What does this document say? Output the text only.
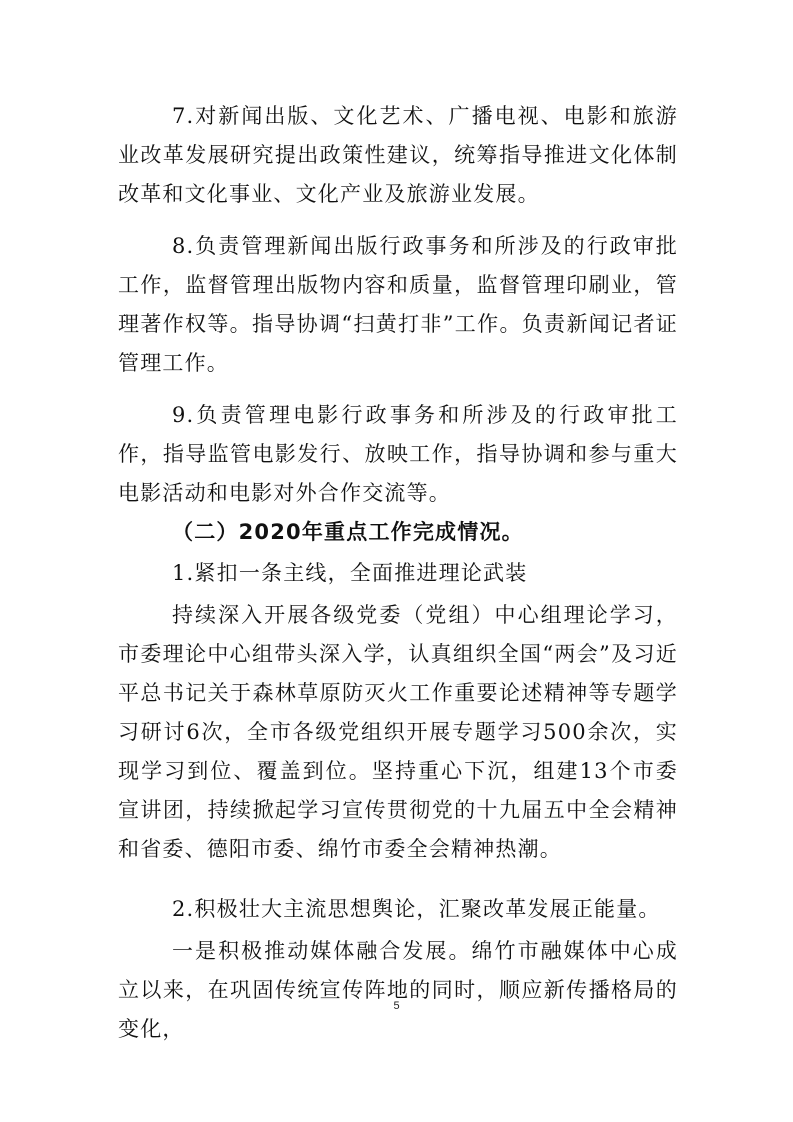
7.对新闻出版、文化艺术、广播电视、电影和旅游业改革发展研究提出政策性建议，统筹指导推进文化体制改革和文化事业、文化产业及旅游业发展。

8.负责管理新闻出版行政事务和所涉及的行政审批工作，监督管理出版物内容和质量，监督管理印刷业，管理著作权等。指导协调“扫黄打非”工作。负责新闻记者证管理工作。

9.负责管理电影行政事务和所涉及的行政审批工作，指导监管电影发行、放映工作，指导协调和参与重大电影活动和电影对外合作交流等。

（二）2020年重点工作完成情况。

1.紧扣一条主线，全面推进理论武装

持续深入开展各级党委（党组）中心组理论学习，市委理论中心组带头深入学，认真组织全国“两会”及习近平总书记关于森林草原防灭火工作重要论述精神等专题学习研讨6次，全市各级党组织开展专题学习500余次，实现学习到位、覆盖到位。坚持重心下沉，组建13个市委宣讲团，持续掀起学习宣传贯彻党的十九届五中全会精神和省委、德阳市委、绵竹市委全会精神热潮。

2.积极壮大主流思想舆论，汇聚改革发展正能量。

一是积极推动媒体融合发展。绵竹市融媒体中心成立以来，在巩固传统宣传阵地的同时，顺应新传播格局的变化，

5
